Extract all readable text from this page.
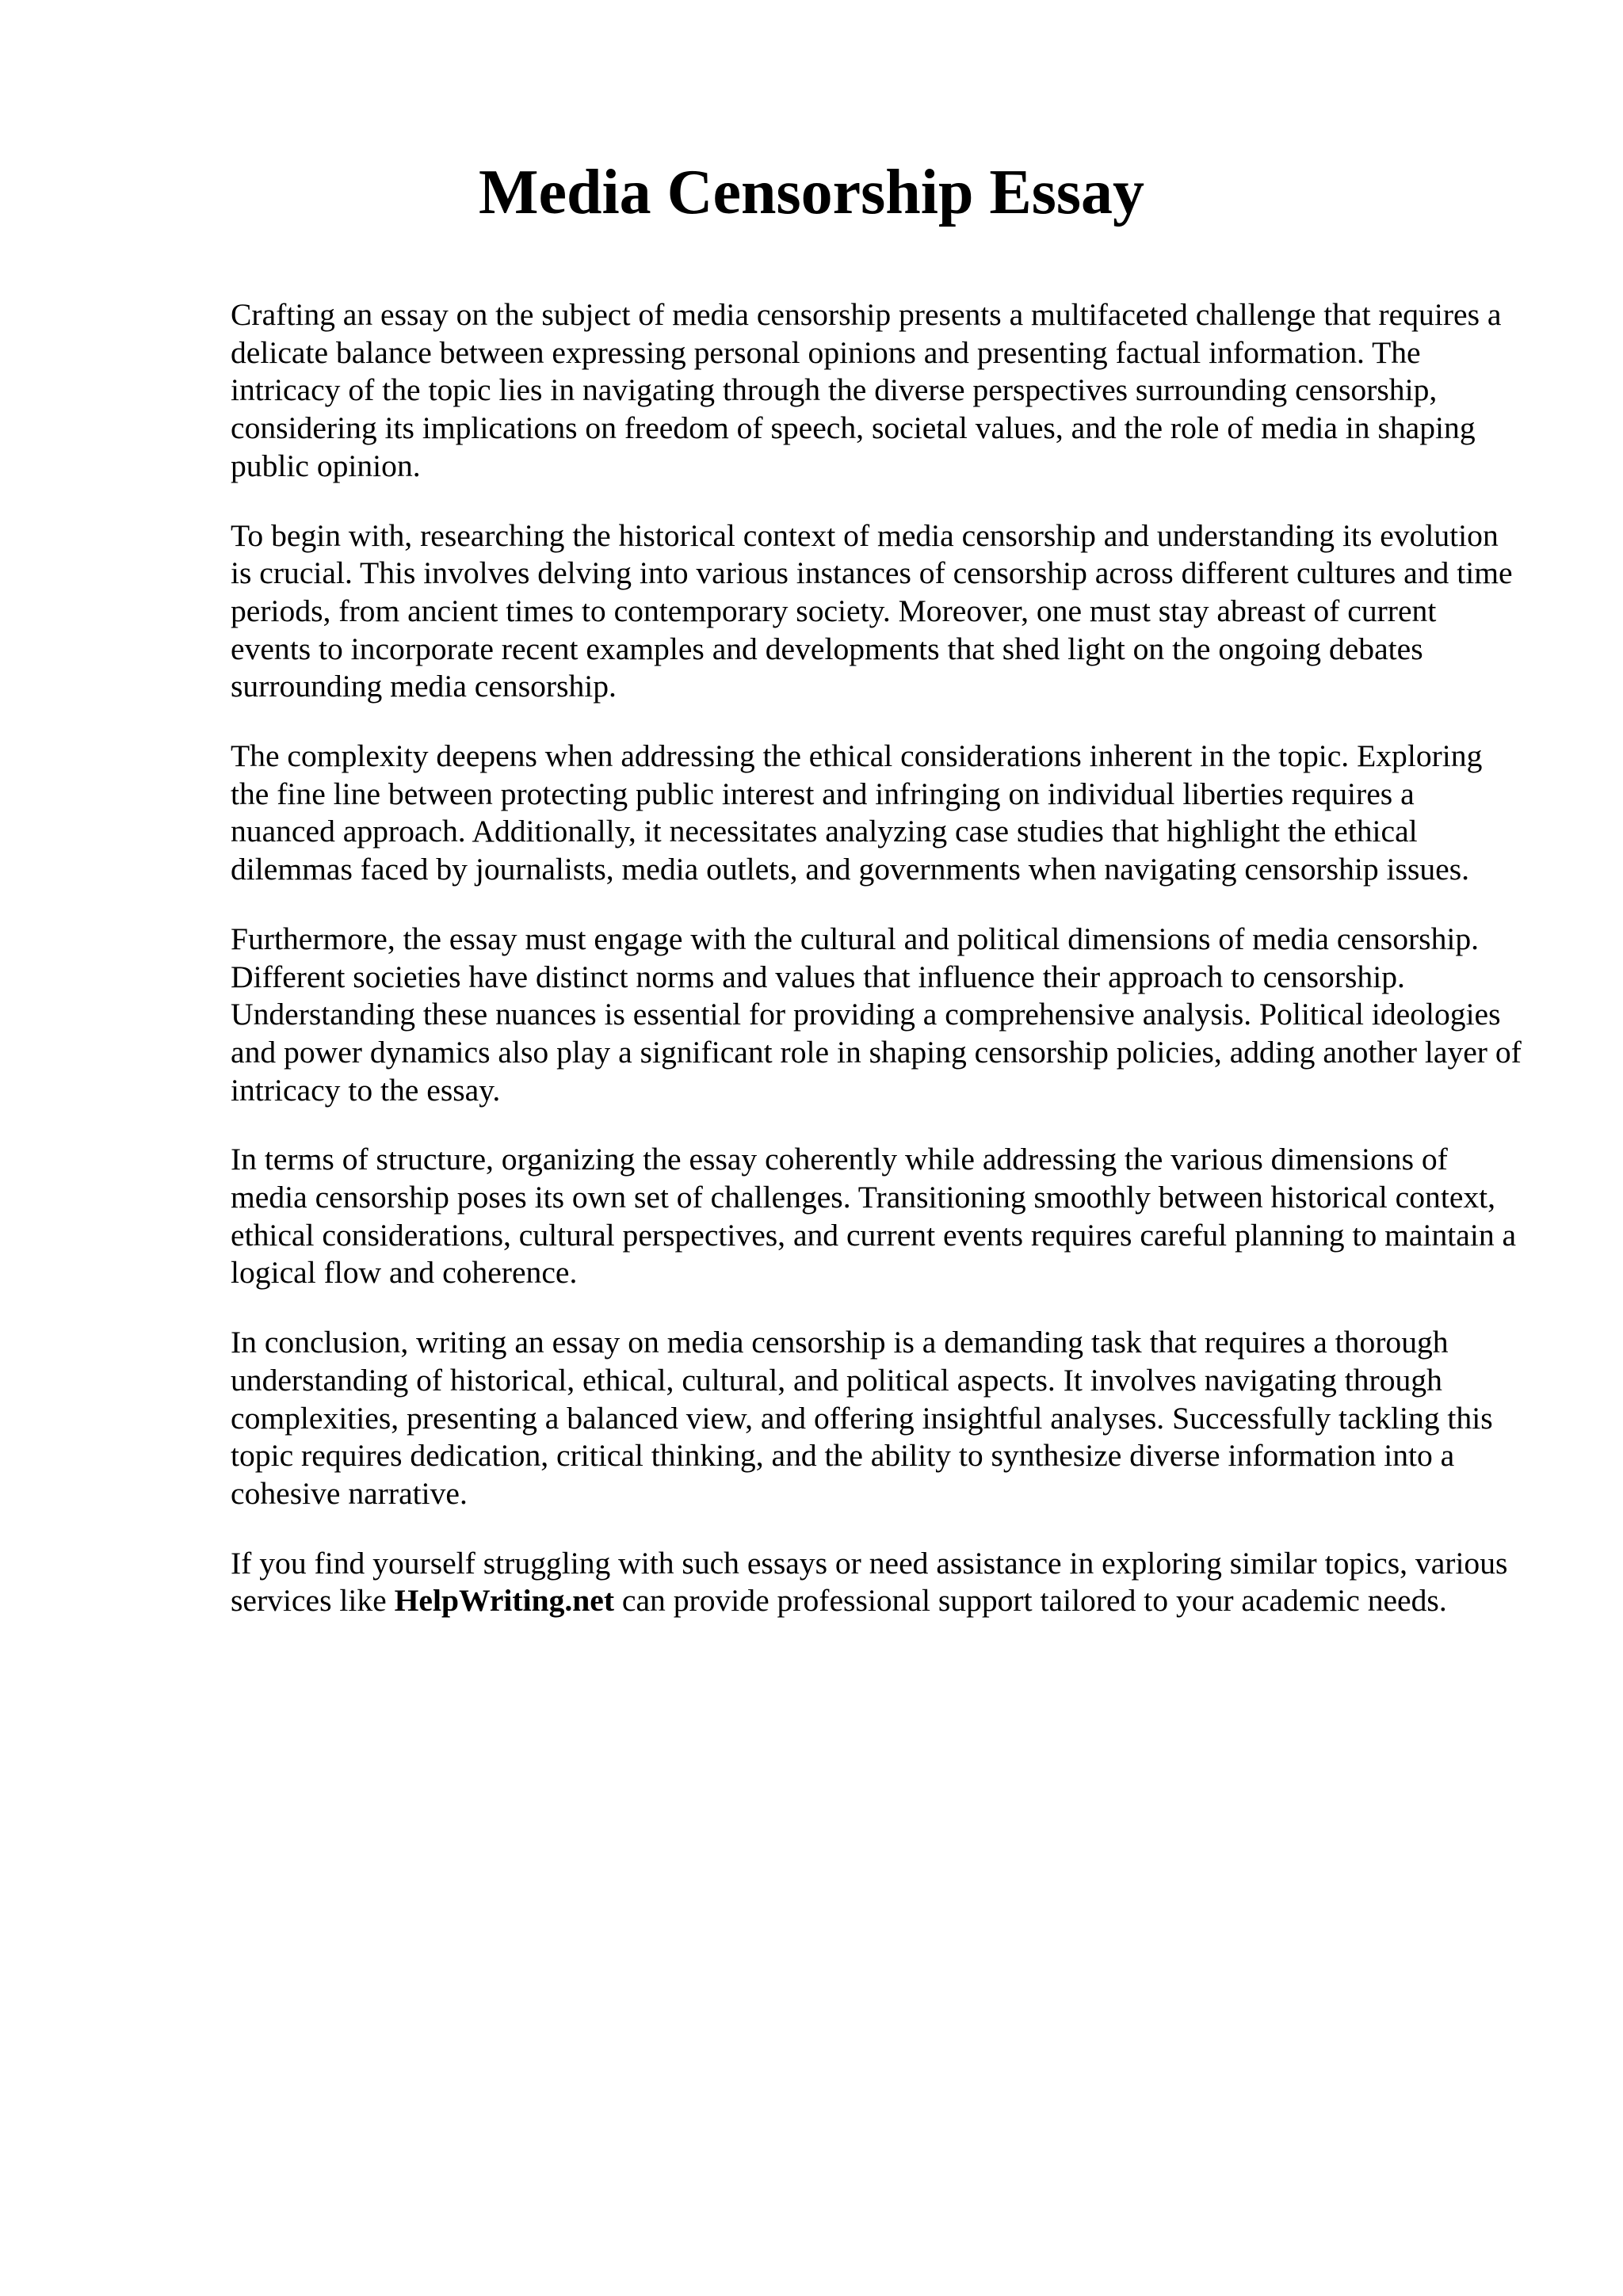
Media Censorship Essay

Crafting an essay on the subject of media censorship presents a multifaceted challenge that requires a delicate balance between expressing personal opinions and presenting factual information. The intricacy of the topic lies in navigating through the diverse perspectives surrounding censorship, considering its implications on freedom of speech, societal values, and the role of media in shaping public opinion.

To begin with, researching the historical context of media censorship and understanding its evolution is crucial. This involves delving into various instances of censorship across different cultures and time periods, from ancient times to contemporary society. Moreover, one must stay abreast of current events to incorporate recent examples and developments that shed light on the ongoing debates surrounding media censorship.

The complexity deepens when addressing the ethical considerations inherent in the topic. Exploring the fine line between protecting public interest and infringing on individual liberties requires a nuanced approach. Additionally, it necessitates analyzing case studies that highlight the ethical dilemmas faced by journalists, media outlets, and governments when navigating censorship issues.

Furthermore, the essay must engage with the cultural and political dimensions of media censorship. Different societies have distinct norms and values that influence their approach to censorship. Understanding these nuances is essential for providing a comprehensive analysis. Political ideologies and power dynamics also play a significant role in shaping censorship policies, adding another layer of intricacy to the essay.

In terms of structure, organizing the essay coherently while addressing the various dimensions of media censorship poses its own set of challenges. Transitioning smoothly between historical context, ethical considerations, cultural perspectives, and current events requires careful planning to maintain a logical flow and coherence.

In conclusion, writing an essay on media censorship is a demanding task that requires a thorough understanding of historical, ethical, cultural, and political aspects. It involves navigating through complexities, presenting a balanced view, and offering insightful analyses. Successfully tackling this topic requires dedication, critical thinking, and the ability to synthesize diverse information into a cohesive narrative.

If you find yourself struggling with such essays or need assistance in exploring similar topics, various services like HelpWriting.net can provide professional support tailored to your academic needs.
